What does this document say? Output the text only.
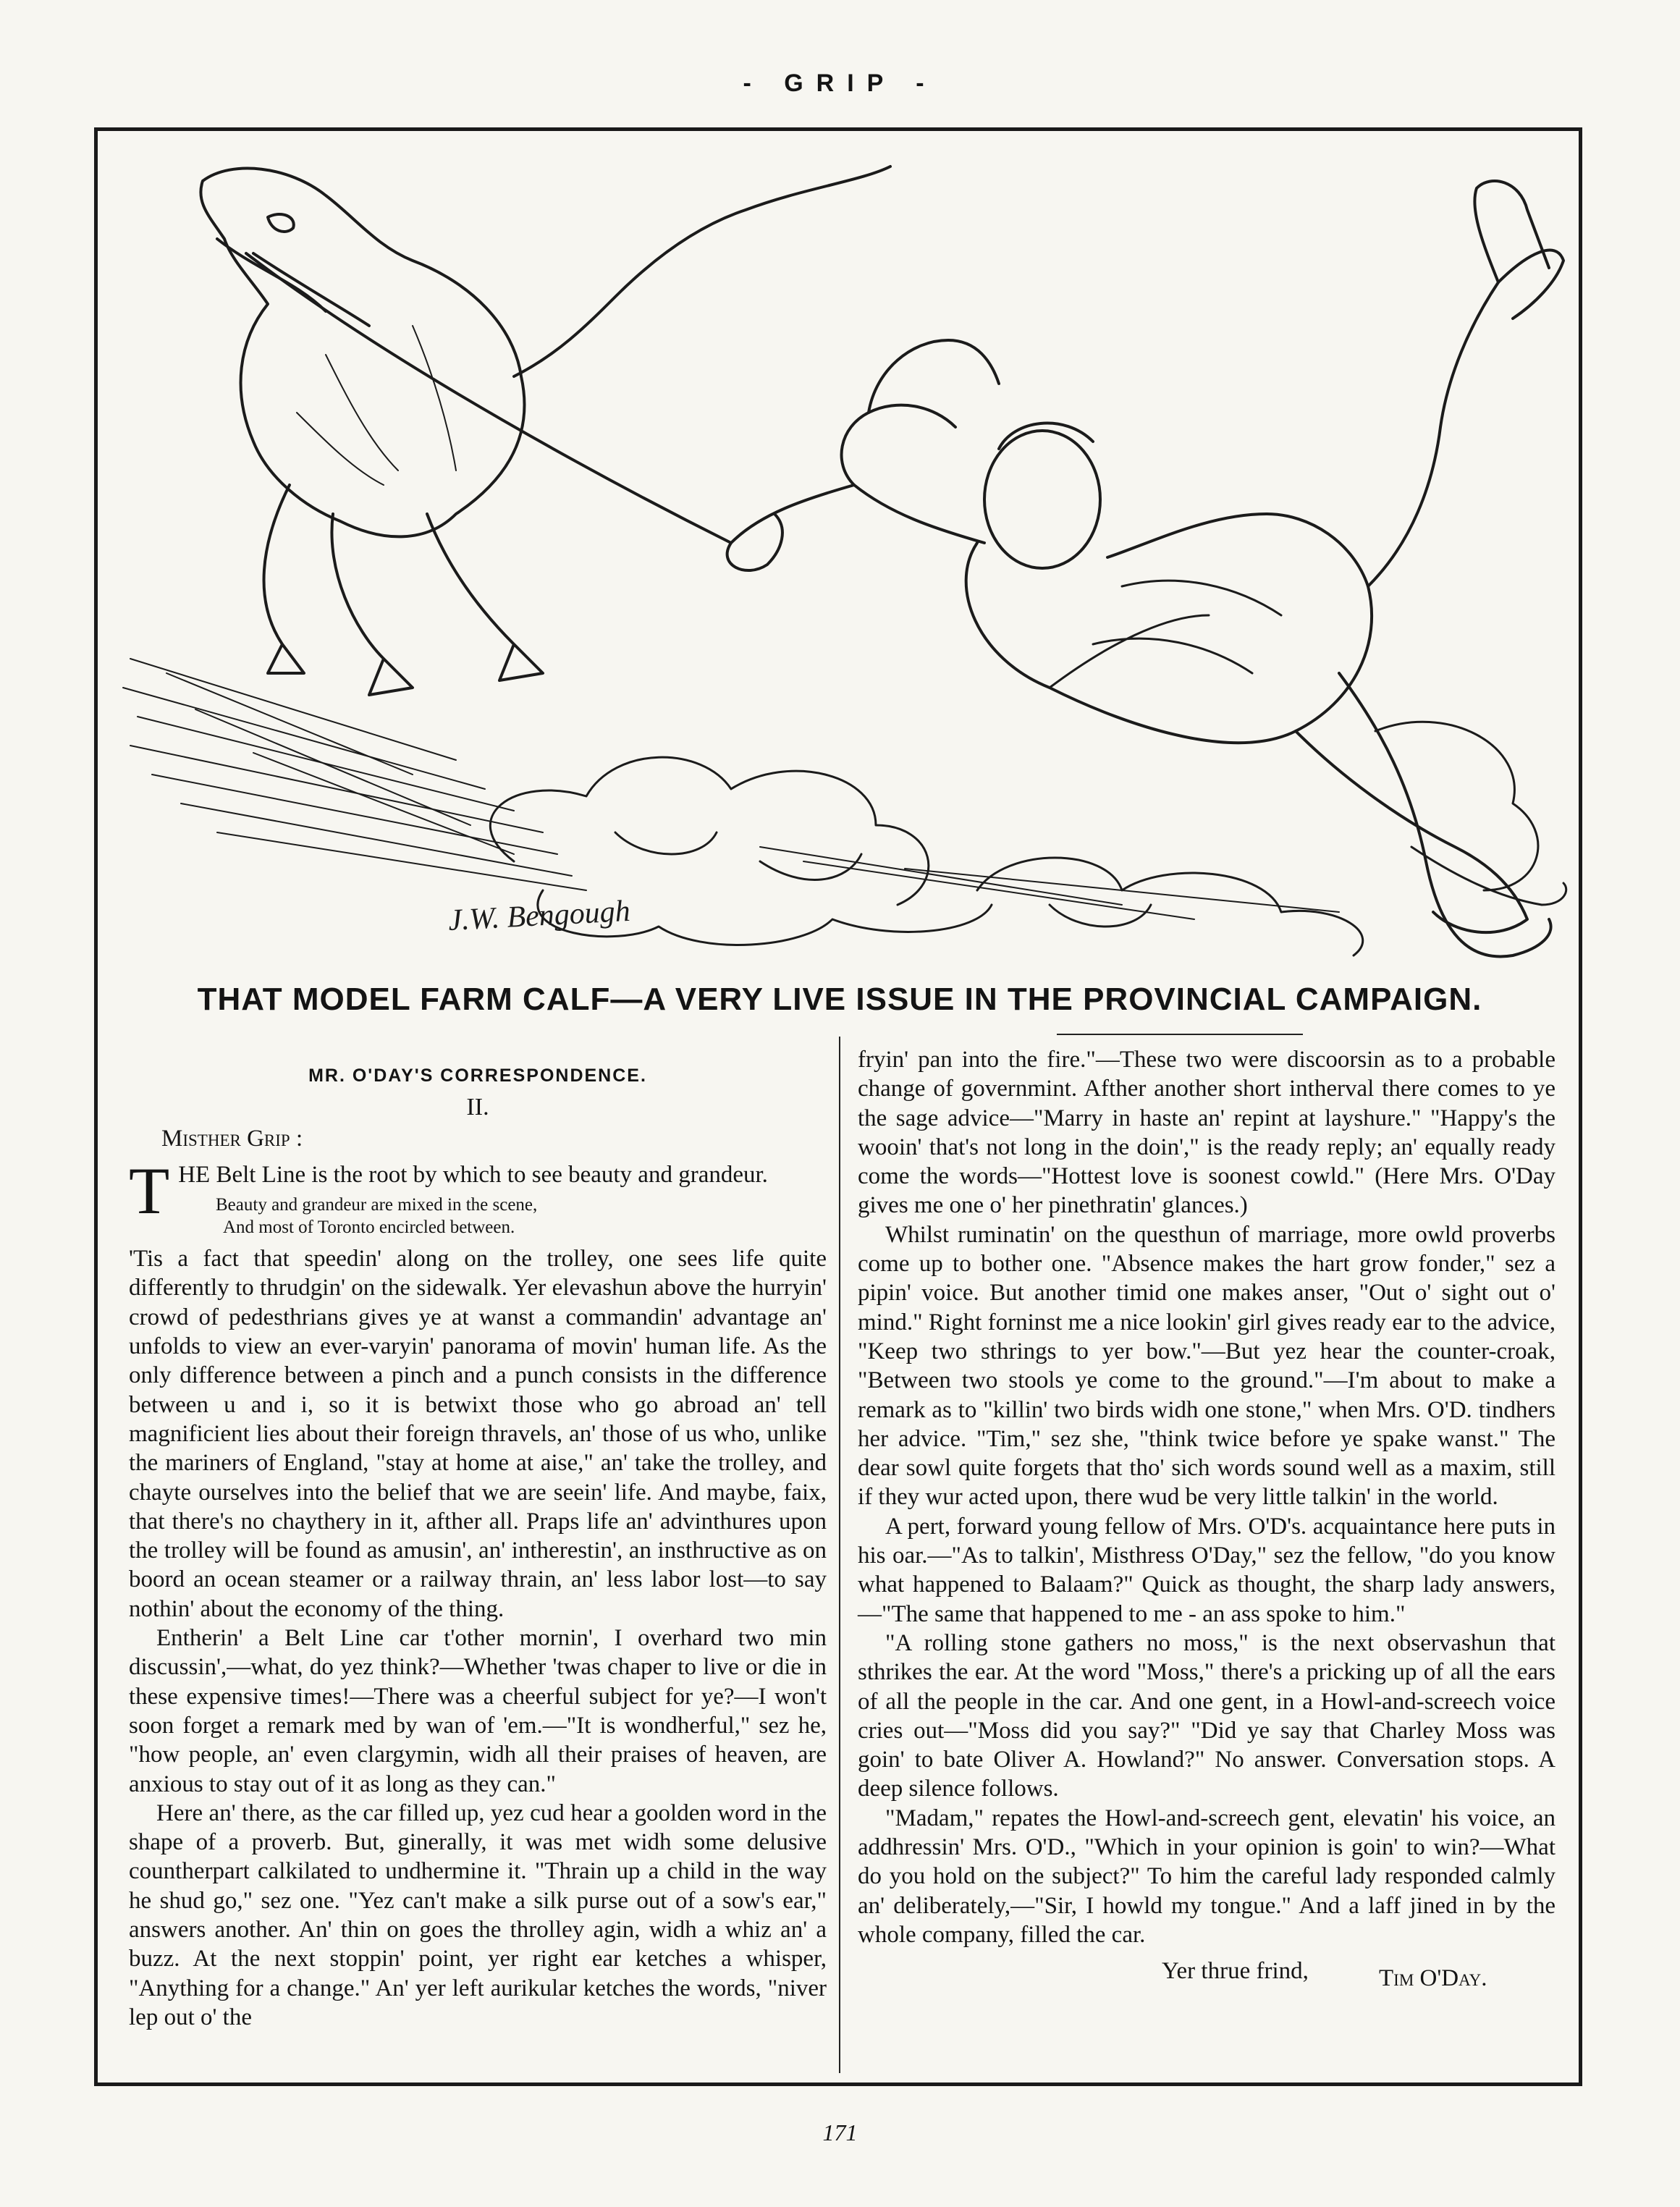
- GRIP -
J.W. Bengough
THAT MODEL FARM CALF—A VERY LIVE ISSUE IN THE PROVINCIAL CAMPAIGN.
MR. O'DAY'S CORRESPONDENCE.
II.
Misther Grip :
T HE Belt Line is the root by which to see beauty and grandeur.

Beauty and grandeur are mixed in the scene,
And most of Toronto encircled between.

'Tis a fact that speedin' along on the trolley, one sees life quite differently to thrudgin' on the sidewalk. Yer elevashun above the hurryin' crowd of pedesthrians gives ye at wanst a commandin' advantage an' unfolds to view an ever-varyin' panorama of movin' human life. As the only difference between a pinch and a punch consists in the difference between u and i, so it is betwixt those who go abroad an' tell magnificient lies about their foreign thravels, an' those of us who, unlike the mariners of England, "stay at home at aise," an' take the trolley, and chayte ourselves into the belief that we are seein' life. And maybe, faix, that there's no chaythery in it, afther all. Praps life an' advinthures upon the trolley will be found as amusin', an' intherestin', an insthructive as on boord an ocean steamer or a railway thrain, an' less labor lost—to say nothin' about the economy of the thing.

Entherin' a Belt Line car t'other mornin', I overhard two min discussin',—what, do yez think?—Whether 'twas chaper to live or die in these expensive times!—There was a cheerful subject for ye?—I won't soon forget a remark med by wan of 'em.—"It is wondherful," sez he, "how people, an' even clargymin, widh all their praises of heaven, are anxious to stay out of it as long as they can."

Here an' there, as the car filled up, yez cud hear a goolden word in the shape of a proverb. But, ginerally, it was met widh some delusive countherpart calkilated to undhermine it. "Thrain up a child in the way he shud go," sez one. "Yez can't make a silk purse out of a sow's ear," answers another. An' thin on goes the throlley agin, widh a whiz an' a buzz. At the next stoppin' point, yer right ear ketches a whisper, "Anything for a change." An' yer left aurikular ketches the words, "niver lep out o' the

fryin' pan into the fire."—These two were discoorsin as to a probable change of governmint. Afther another short intherval there comes to ye the sage advice—"Marry in haste an' repint at layshure." "Happy's the wooin' that's not long in the doin'," is the ready reply; an' equally ready come the words—"Hottest love is soonest cowld." (Here Mrs. O'Day gives me one o' her pinethratin' glances.)

Whilst ruminatin' on the questhun of marriage, more owld proverbs come up to bother one. "Absence makes the hart grow fonder," sez a pipin' voice. But another timid one makes anser, "Out o' sight out o' mind." Right forninst me a nice lookin' girl gives ready ear to the advice, "Keep two sthrings to yer bow."—But yez hear the counter-croak, "Between two stools ye come to the ground."—I'm about to make a remark as to "killin' two birds widh one stone," when Mrs. O'D. tindhers her advice. "Tim," sez she, "think twice before ye spake wanst." The dear sowl quite forgets that tho' sich words sound well as a maxim, still if they wur acted upon, there wud be very little talkin' in the world.

A pert, forward young fellow of Mrs. O'D's. acquaintance here puts in his oar.—"As to talkin', Misthress O'Day," sez the fellow, "do you know what happened to Balaam?" Quick as thought, the sharp lady answers,—"The same that happened to me - an ass spoke to him."

"A rolling stone gathers no moss," is the next observashun that sthrikes the ear. At the word "Moss," there's a pricking up of all the ears of all the people in the car. And one gent, in a Howl-and-screech voice cries out—"Moss did you say?" "Did ye say that Charley Moss was goin' to bate Oliver A. Howland?" No answer. Conversation stops. A deep silence follows.

"Madam," repates the Howl-and-screech gent, elevatin' his voice, an addhressin' Mrs. O'D., "Which in your opinion is goin' to win?—What do you hold on the subject?" To him the careful lady responded calmly an' deliberately,—"Sir, I howld my tongue." And a laff jined in by the whole company, filled the car.

Yer thrue frind,	Tim O'Day.
171
